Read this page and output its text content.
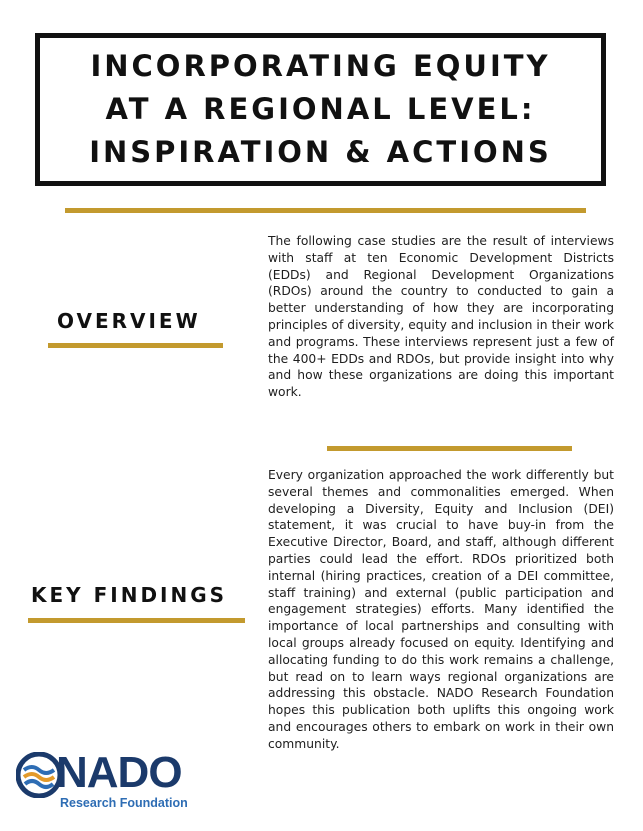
INCORPORATING EQUITY
AT A REGIONAL LEVEL:
INSPIRATION & ACTIONS
OVERVIEW

The following case studies are the result of interviews with staff at ten Economic Development Districts (EDDs) and Regional Development Organizations (RDOs) around the country to conducted to gain a better understanding of how they are incorporating principles of diversity, equity and inclusion in their work and programs. These interviews represent just a few of the 400+ EDDs and RDOs, but provide insight into why and how these organizations are doing this important work.

Every organization approached the work differently but several themes and commonalities emerged. When developing a Diversity, Equity and Inclusion (DEI) statement, it was crucial to have buy-in from the Executive Director, Board, and staff, although different parties could lead the effort. RDOs prioritized both internal (hiring practices, creation of a DEI committee, staff training) and external (public participation and engagement strategies) efforts. Many identified the importance of local partnerships and consulting with local groups already focused on equity. Identifying and allocating funding to do this work remains a challenge, but read on to learn ways regional organizations are addressing this obstacle. NADO Research Foundation hopes this publication both uplifts this ongoing work and encourages others to embark on work in their own community.

KEY FINDINGS
NADO
Research Foundation
